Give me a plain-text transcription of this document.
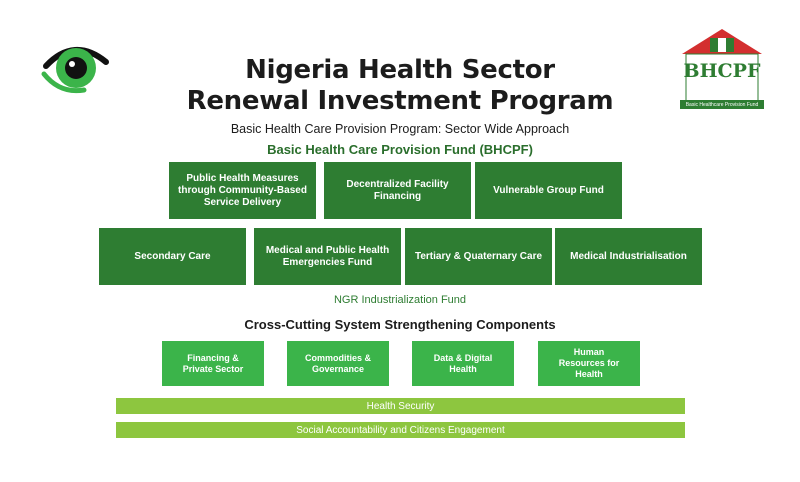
BHCPF
Basic Healthcare Provision Fund
Nigeria Health Sector
Renewal Investment Program
Basic Health Care Provision Program: Sector Wide Approach
Basic Health Care Provision Fund (BHCPF)
Public Health Measures through Community-Based Service Delivery
Decentralized Facility Financing
Vulnerable Group Fund
Secondary Care
Medical and Public Health Emergencies Fund
Tertiary & Quaternary Care	Medical Industrialisation
NGR Industrialization Fund
Cross-Cutting System Strengthening Components
Financing & Private Sector
Commodities & Governance
Data & Digital Health
Human Resources for Health
Health Security
Social Accountability and Citizens Engagement
